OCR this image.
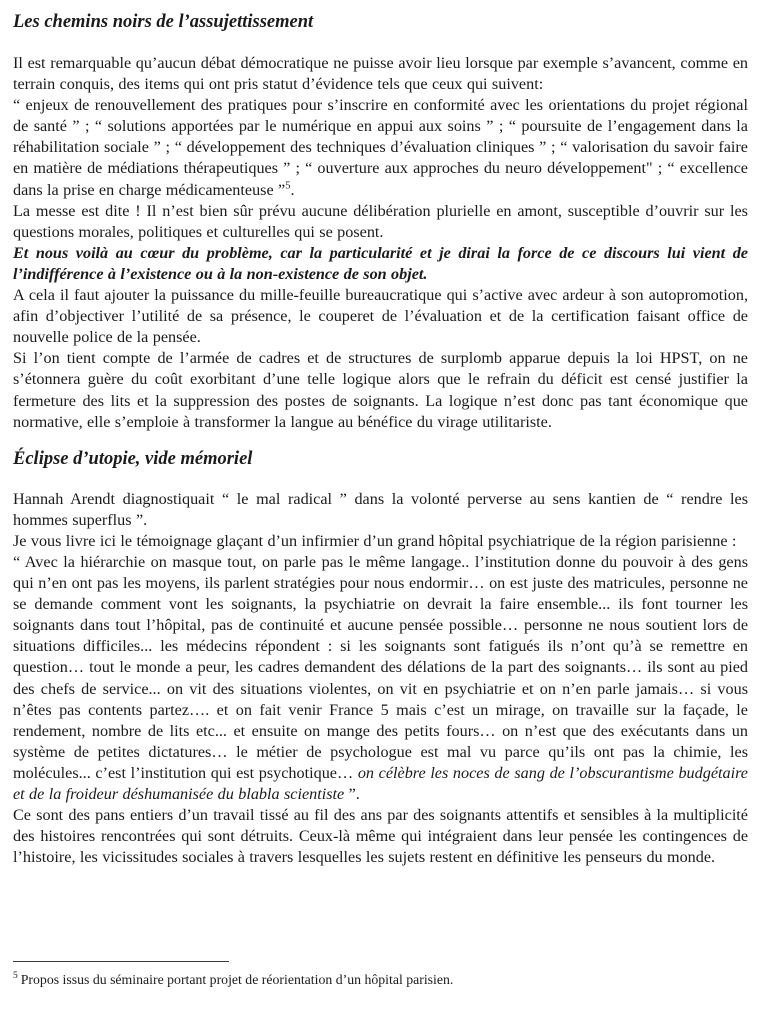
Les chemins noirs de l’assujettissement

Il est remarquable qu’aucun débat démocratique ne puisse avoir lieu lorsque par exemple s’avancent, comme en terrain conquis, des items qui ont pris statut d’évidence tels que ceux qui suivent:

“ enjeux de renouvellement des pratiques pour s’inscrire en conformité avec les orientations du projet régional de santé ” ; “ solutions apportées par le numérique en appui aux soins ” ; “ poursuite de l’engagement dans la réhabilitation sociale ” ; “ développement des techniques d’évaluation cliniques ” ; “ valorisation du savoir faire en matière de médiations thérapeutiques ” ; “ ouverture aux approches du neuro développement" ; “ excellence dans la prise en charge médicamenteuse ”$^5$.

La messe est dite ! Il n’est bien sûr prévu aucune délibération plurielle en amont, susceptible d’ouvrir sur les questions morales, politiques et culturelles qui se posent.

Et nous voilà au cœur du problème, car la particularité et je dirai la force de ce discours lui vient de l’indifférence à l’existence ou à la non-existence de son objet.

A cela il faut ajouter la puissance du mille-feuille bureaucratique qui s’active avec ardeur à son autopromotion, afin d’objectiver l’utilité de sa présence, le couperet de l’évaluation et de la certification faisant office de nouvelle police de la pensée.

Si l’on tient compte de l’armée de cadres et de structures de surplomb apparue depuis la loi HPST, on ne s’étonnera guère du coût exorbitant d’une telle logique alors que le refrain du déficit est censé justifier la fermeture des lits et la suppression des postes de soignants. La logique n’est donc pas tant économique que normative, elle s’emploie à transformer la langue au bénéfice du virage utilitariste.

Éclipse d’utopie, vide mémoriel

Hannah Arendt diagnostiquait “ le mal radical ” dans la volonté perverse au sens kantien de “ rendre les hommes superflus ”.

Je vous livre ici le témoignage glaçant d’un infirmier d’un grand hôpital psychiatrique de la région parisienne :

“ Avec la hiérarchie on masque tout, on parle pas le même langage.. l’institution donne du pouvoir à des gens qui n’en ont pas les moyens, ils parlent stratégies pour nous endormir… on est juste des matricules, personne ne se demande comment vont les soignants, la psychiatrie on devrait la faire ensemble... ils font tourner les soignants dans tout l’hôpital, pas de continuité et aucune pensée possible… personne ne nous soutient lors de situations difficiles... les médecins répondent : si les soignants sont fatigués ils n’ont qu’à se remettre en question… tout le monde a peur, les cadres demandent des délations de la part des soignants… ils sont au pied des chefs de service... on vit des situations violentes, on vit en psychiatrie et on n’en parle jamais… si vous n’êtes pas contents partez…. et on fait venir France 5 mais c’est un mirage, on travaille sur la façade, le rendement, nombre de lits etc... et ensuite on mange des petits fours… on n’est que des exécutants dans un système de petites dictatures… le métier de psychologue est mal vu parce qu’ils ont pas la chimie, les molécules... c’est l’institution qui est psychotique… on célèbre les noces de sang de l’obscurantisme budgétaire et de la froideur déshumanisée du blabla scientiste ”.

Ce sont des pans entiers d’un travail tissé au fil des ans par des soignants attentifs et sensibles à la multiplicité des histoires rencontrées qui sont détruits. Ceux-là même qui intégraient dans leur pensée les contingences de l’histoire, les vicissitudes sociales à travers lesquelles les sujets restent en définitive les penseurs du monde.

$^5$ Propos issus du séminaire portant projet de réorientation d’un hôpital parisien.
